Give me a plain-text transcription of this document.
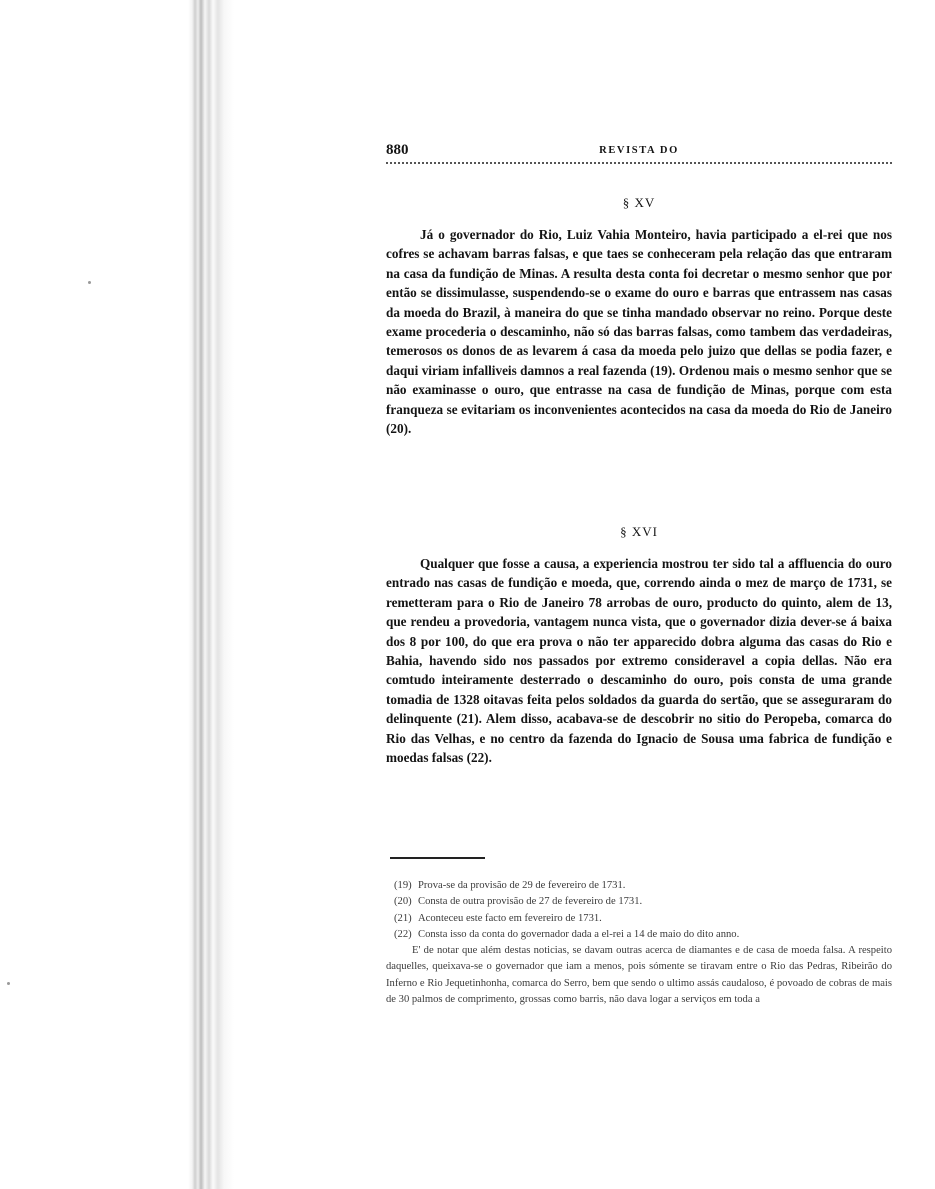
880	REVISTA DO
§ XV
Já o governador do Rio, Luiz Vahia Monteiro, havia participado a el-rei que nos cofres se achavam barras falsas, e que taes se conheceram pela relação das que entraram na casa da fundição de Minas. A resulta desta conta foi decretar o mesmo senhor que por então se dissimulasse, suspendendo-se o exame do ouro e barras que entrassem nas casas da moeda do Brazil, à maneira do que se tinha mandado observar no reino. Porque deste exame procederia o descaminho, não só das barras falsas, como tambem das verdadeiras, temerosos os donos de as levarem á casa da moeda pelo juizo que dellas se podia fazer, e daqui viriam infalliveis damnos a real fazenda (19). Ordenou mais o mesmo senhor que se não examinasse o ouro, que entrasse na casa de fundição de Minas, porque com esta franqueza se evitariam os inconvenientes acontecidos na casa da moeda do Rio de Janeiro (20).
§ XVI
Qualquer que fosse a causa, a experiencia mostrou ter sido tal a affluencia do ouro entrado nas casas de fundição e moeda, que, correndo ainda o mez de março de 1731, se remetteram para o Rio de Janeiro 78 arrobas de ouro, producto do quinto, alem de 13, que rendeu a provedoria, vantagem nunca vista, que o governador dizia dever-se á baixa dos 8 por 100, do que era prova o não ter apparecido dobra alguma das casas do Rio e Bahia, havendo sido nos passados por extremo consideravel a copia dellas. Não era comtudo inteiramente desterrado o descaminho do ouro, pois consta de uma grande tomadia de 1328 oitavas feita pelos soldados da guarda do sertão, que se asseguraram do delinquente (21). Alem disso, acabava-se de descobrir no sitio do Peropeba, comarca do Rio das Velhas, e no centro da fazenda do Ignacio de Sousa uma fabrica de fundição e moedas falsas (22).

(19) Prova-se da provisão de 29 de fevereiro de 1731.

(20) Consta de outra provisão de 27 de fevereiro de 1731.

(21) Aconteceu este facto em fevereiro de 1731.

(22) Consta isso da conta do governador dada a el-rei a 14 de maio do dito anno.

E' de notar que além destas noticias, se davam outras acerca de diamantes e de casa de moeda falsa. A respeito daquelles, queixava-se o governador que iam a menos, pois sómente se tiravam entre o Rio das Pedras, Ribeirão do Inferno e Rio Jequetinhonha, comarca do Serro, bem que sendo o ultimo assás caudaloso, é povoado de cobras de mais de 30 palmos de comprimento, grossas como barris, não dava logar a serviços em toda a
